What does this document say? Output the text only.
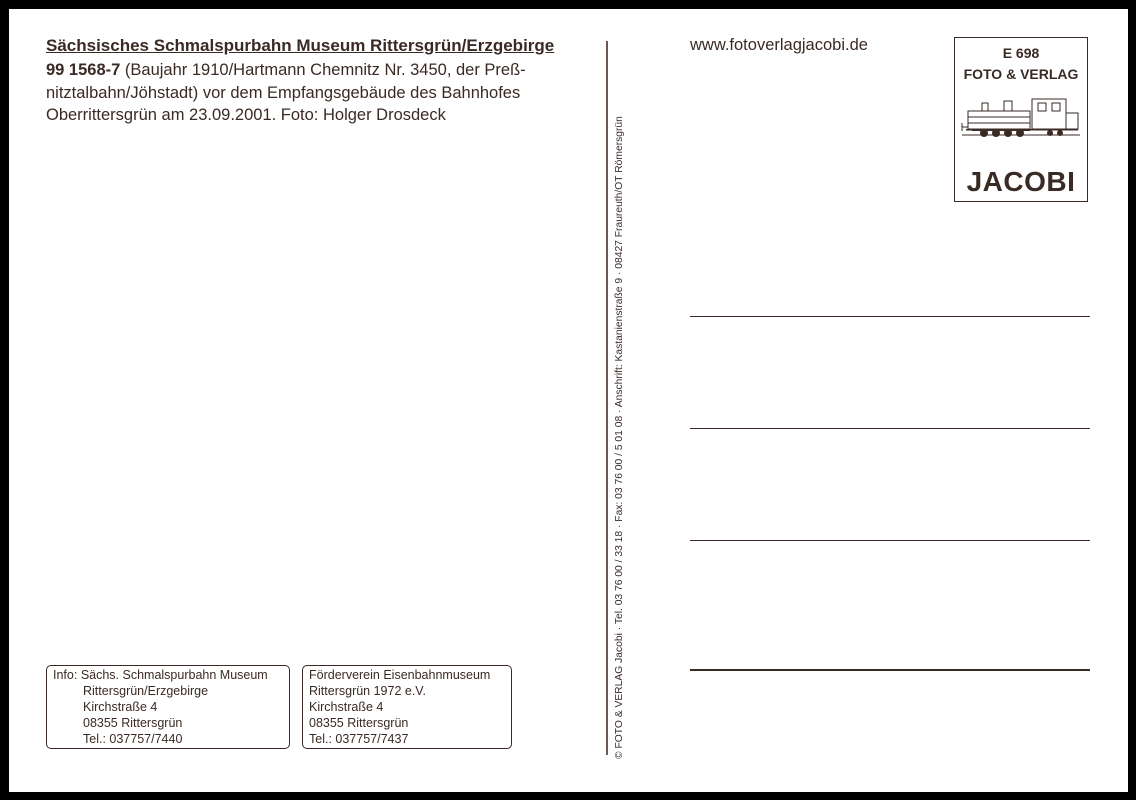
Sächsisches Schmalspurbahn Museum Rittersgrün/Erzgebirge
99 1568-7 (Baujahr 1910/Hartmann Chemnitz Nr. 3450, der Preß-nitztalbahn/Jöhstadt) vor dem Empfangsgebäude des Bahnhofes Oberrittersgrün am 23.09.2001. Foto: Holger Drosdeck
Info: Sächs. Schmalspurbahn Museum
Rittersgrün/Erzgebirge
Kirchstraße 4
08355 Rittersgrün
Tel.: 037757/7440
Förderverein Eisenbahnmuseum
Rittersgrün 1972 e.V.
Kirchstraße 4
08355 Rittersgrün
Tel.: 037757/7437	© FOTO & VERLAG Jacobi · Tel. 03 76 00 / 33 18 · Fax: 03 76 00 / 5 01 08 · Anschrift: Kastanienstraße 9 · 08427 Fraureuth/OT Römersgrün
www.fotoverlagjacobi.de	E 698
FOTO & VERLAG
JACOBI
